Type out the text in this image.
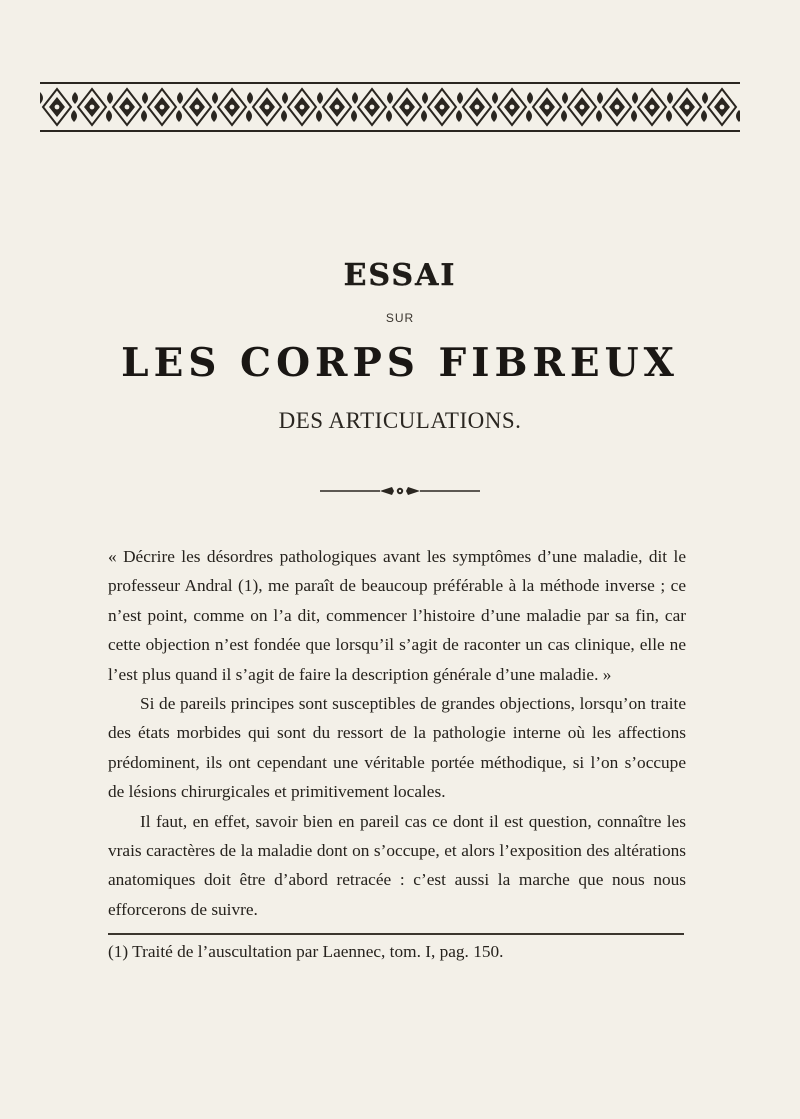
ESSAI
SUR
LES CORPS FIBREUX
DES ARTICULATIONS.

« Décrire les désordres pathologiques avant les symptômes d’une maladie, dit le professeur Andral (1), me paraît de beaucoup préférable à la méthode inverse ; ce n’est point, comme on l’a dit, commencer l’histoire d’une maladie par sa fin, car cette objection n’est fondée que lorsqu’il s’agit de raconter un cas clinique, elle ne l’est plus quand il s’agit de faire la description générale d’une maladie. »

Si de pareils principes sont susceptibles de grandes objections, lorsqu’on traite des états morbides qui sont du ressort de la pathologie interne où les affections prédominent, ils ont cependant une véritable portée méthodique, si l’on s’occupe de lésions chirurgicales et primitivement locales.

Il faut, en effet, savoir bien en pareil cas ce dont il est question, connaître les vrais caractères de la maladie dont on s’occupe, et alors l’exposition des altérations anatomiques doit être d’abord retracée : c’est aussi la marche que nous nous efforcerons de suivre.

(1) Traité de l’auscultation par Laennec, tom. I, pag. 150.
